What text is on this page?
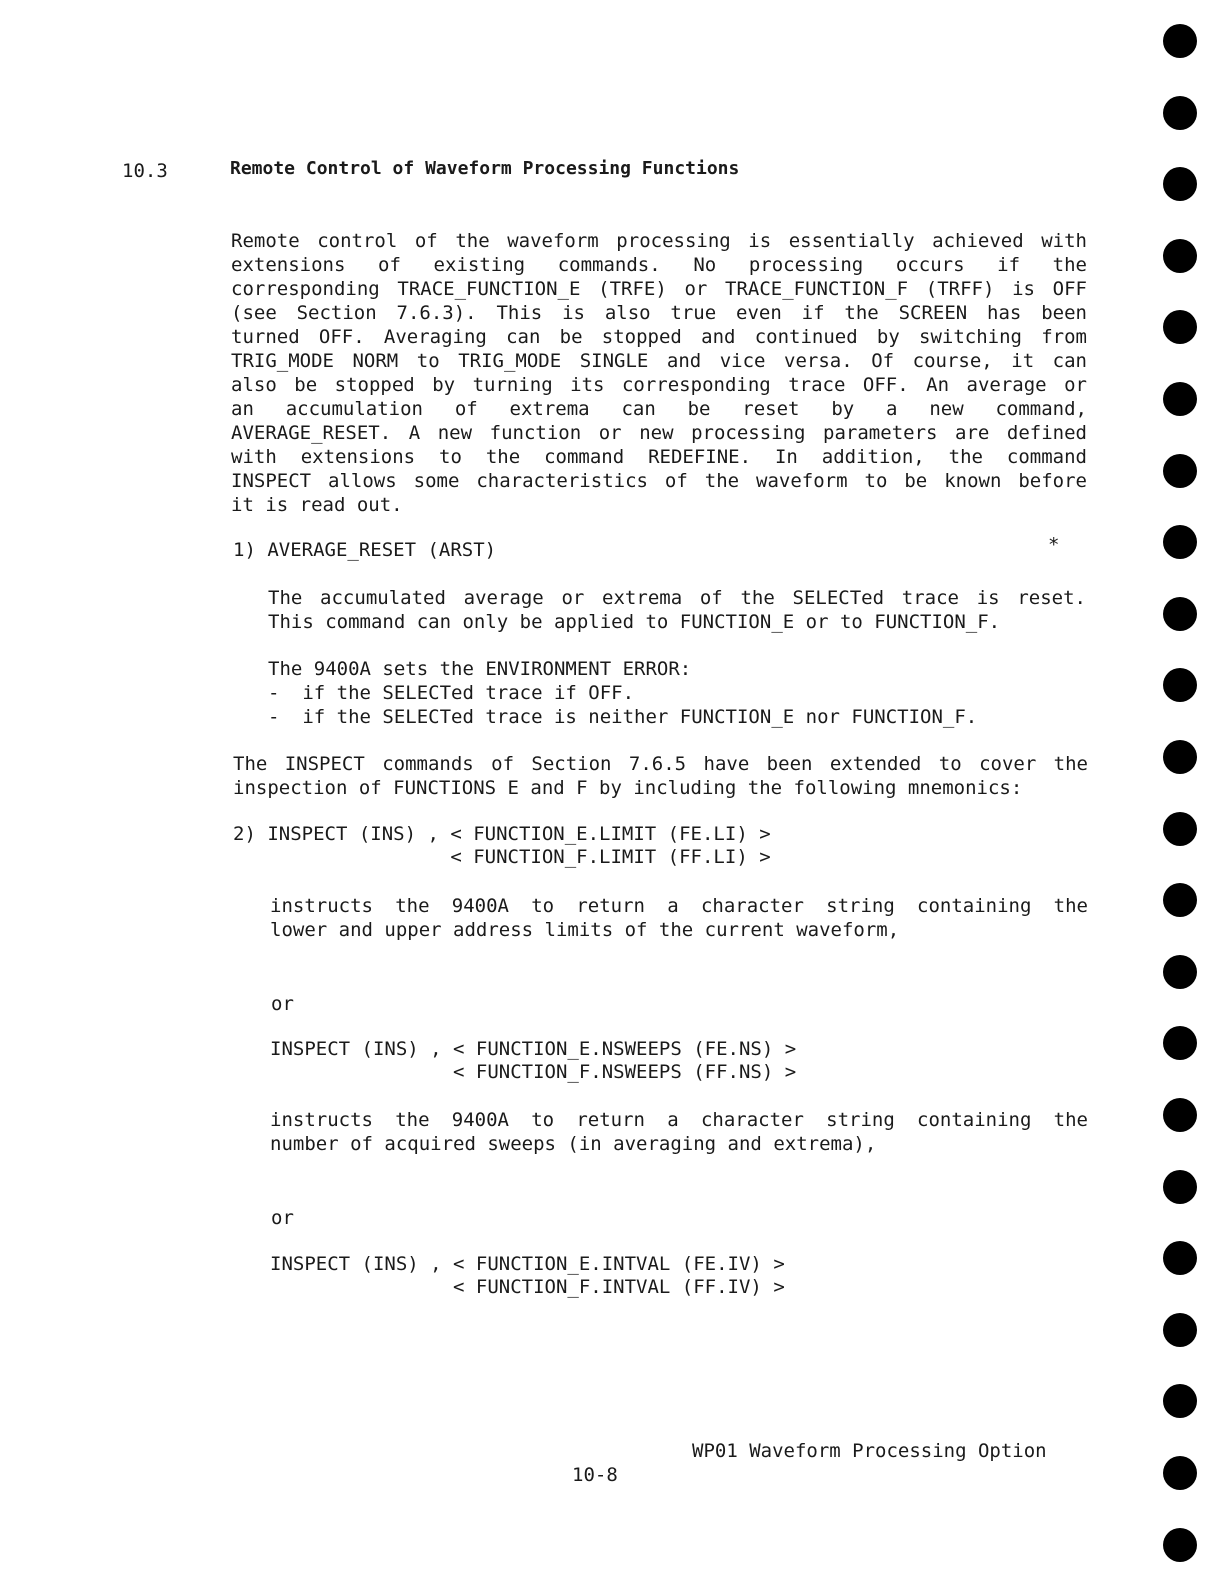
10.3	Remote Control of Waveform Processing Functions
Remote control of the waveform processing is essentially achieved with
extensions of existing commands. No processing occurs if the
corresponding TRACE_FUNCTION_E (TRFE) or TRACE_FUNCTION_F (TRFF) is OFF
(see Section 7.6.3). This is also true even if the SCREEN has been
turned OFF. Averaging can be stopped and continued by switching from
TRIG_MODE NORM to TRIG_MODE SINGLE and vice versa. Of course, it can
also be stopped by turning its corresponding trace OFF. An average or
an accumulation of extrema can be reset by a new command,
AVERAGE_RESET. A new function or new processing parameters are defined
with extensions to the command REDEFINE. In addition, the command
INSPECT allows some characteristics of the waveform to be known before
it is read out.
1) AVERAGE_RESET (ARST)	*
The accumulated average or extrema of the SELECTed trace is reset.
This command can only be applied to FUNCTION_E or to FUNCTION_F.
The 9400A sets the ENVIRONMENT ERROR:
-  if the SELECTed trace if OFF.
-  if the SELECTed trace is neither FUNCTION_E nor FUNCTION_F.
The INSPECT commands of Section 7.6.5 have been extended to cover the
inspection of FUNCTIONS E and F by including the following mnemonics:
2) INSPECT (INS) , < FUNCTION_E.LIMIT (FE.LI) >
< FUNCTION_F.LIMIT (FF.LI) >
instructs the 9400A to return a character string containing the
lower and upper address limits of the current waveform,
or
INSPECT (INS) , < FUNCTION_E.NSWEEPS (FE.NS) >
< FUNCTION_F.NSWEEPS (FF.NS) >
instructs the 9400A to return a character string containing the
number of acquired sweeps (in averaging and extrema),
or
INSPECT (INS) , < FUNCTION_E.INTVAL (FE.IV) >
< FUNCTION_F.INTVAL (FF.IV) >
WP01 Waveform Processing Option
10-8
